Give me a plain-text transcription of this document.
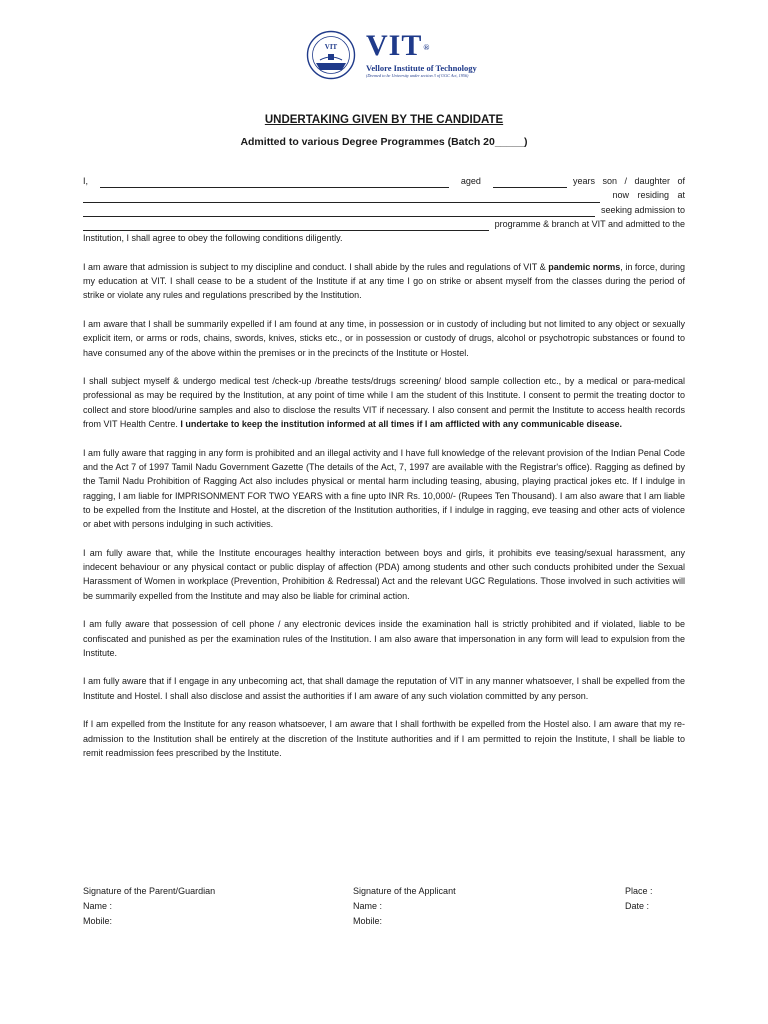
VIT VIT ®
Vellore Institute of Technology
(Deemed to be University under section 3 of UGC Act, 1956)
UNDERTAKING GIVEN BY THE CANDIDATE
Admitted to various Degree Programmes (Batch 20_____)
I,	aged	years son / daughter of
now residing at
seeking admission to
programme & branch at VIT and admitted to the

Institution, I shall agree to obey the following conditions diligently.

I am aware that admission is subject to my discipline and conduct. I shall abide by the rules and regulations of VIT & pandemic norms, in force, during my education at VIT. I shall cease to be a student of the Institute if at any time I go on strike or absent myself from the classes during the period of strike or violate any rules and regulations prescribed by the Institution.

I am aware that I shall be summarily expelled if I am found at any time, in possession or in custody of including but not limited to any object or sexually explicit item, or arms or rods, chains, swords, knives, sticks etc., or in possession or custody of drugs, alcohol or psychotropic substances or found to have consumed any of the above within the premises or in the precincts of the Institute or Hostel.

I shall subject myself & undergo medical test /check-up /breathe tests/drugs screening/ blood sample collection etc., by a medical or para-medical professional as may be required by the Institution, at any point of time while I am the student of this Institute. I consent to permit the treating doctor to collect and store blood/urine samples and also to disclose the results VIT if necessary. I also consent and permit the Institute to access health records from VIT Health Centre. I undertake to keep the institution informed at all times if I am afflicted with any communicable disease.

I am fully aware that ragging in any form is prohibited and an illegal activity and I have full knowledge of the relevant provision of the Indian Penal Code and the Act 7 of 1997 Tamil Nadu Government Gazette (The details of the Act, 7, 1997 are available with the Registrar's office). Ragging as defined by the Tamil Nadu Prohibition of Ragging Act also includes physical or mental harm including teasing, abusing, playing practical jokes etc. If I indulge in ragging, I am liable for IMPRISONMENT FOR TWO YEARS with a fine upto INR Rs. 10,000/- (Rupees Ten Thousand). I am also aware that I am liable to be expelled from the Institute and Hostel, at the discretion of the Institution authorities, if I indulge in ragging, eve teasing and other acts of violence or abet with persons indulging in such activities.

I am fully aware that, while the Institute encourages healthy interaction between boys and girls, it prohibits eve teasing/sexual harassment, any indecent behaviour or any physical contact or public display of affection (PDA) among students and other such conducts prohibited under the Sexual Harassment of Women in workplace (Prevention, Prohibition & Redressal) Act and the relevant UGC Regulations. Those involved in such activities will be summarily expelled from the Institute and may also be liable for criminal action.

I am fully aware that possession of cell phone / any electronic devices inside the examination hall is strictly prohibited and if violated, liable to be confiscated and punished as per the examination rules of the Institution. I am also aware that impersonation in any form will lead to expulsion from the Institute.

I am fully aware that if I engage in any unbecoming act, that shall damage the reputation of VIT in any manner whatsoever, I shall be expelled from the Institute and Hostel. I shall also disclose and assist the authorities if I am aware of any such violation committed by any person.

If I am expelled from the Institute for any reason whatsoever, I am aware that I shall forthwith be expelled from the Hostel also. I am aware that my re-admission to the Institution shall be entirely at the discretion of the Institute authorities and if I am permitted to rejoin the Institute, I shall be liable to remit readmission fees prescribed by the Institute.

Signature of the Parent/Guardian
Name :
Mobile:
Signature of the Applicant
Name :
Mobile:
Place :
Date :
